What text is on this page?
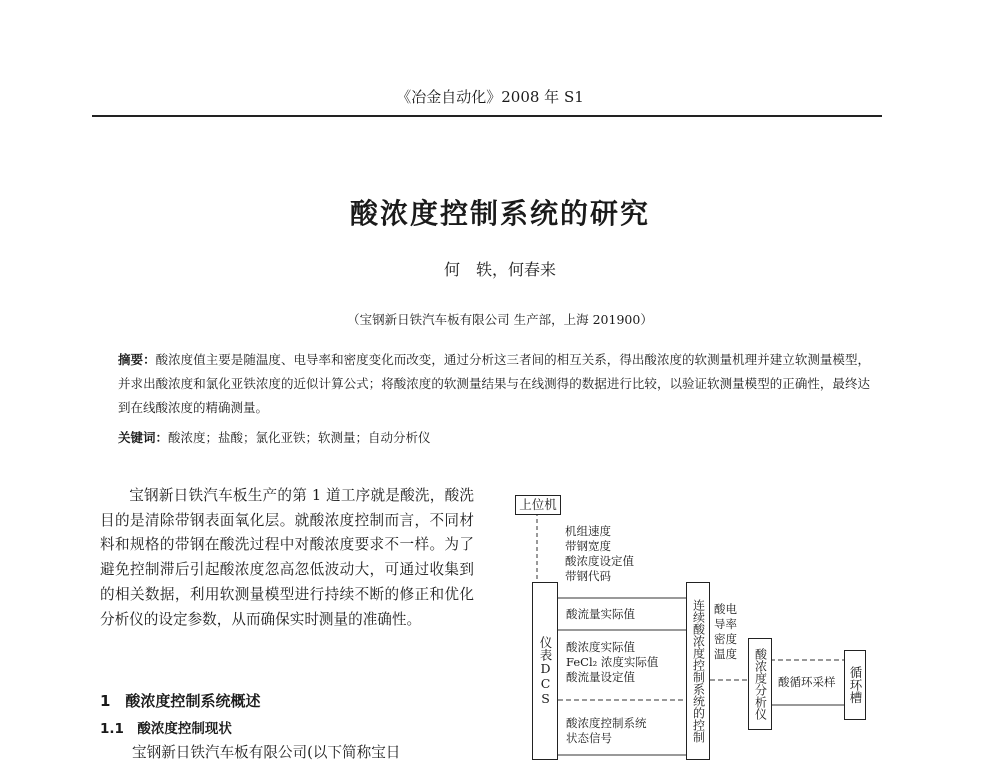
《冶金自动化》2008 年 S1
酸浓度控制系统的研究
何　轶，何春来
（宝钢新日铁汽车板有限公司 生产部，上海 201900）
摘要：酸浓度值主要是随温度、电导率和密度变化而改变，通过分析这三者间的相互关系，得出酸浓度的软测量机理并建立软测量模型，并求出酸浓度和氯化亚铁浓度的近似计算公式；将酸浓度的软测量结果与在线测得的数据进行比较，以验证软测量模型的正确性，最终达到在线酸浓度的精确测量。
关键词：酸浓度；盐酸；氯化亚铁；软测量；自动分析仪
宝钢新日铁汽车板生产的第 1 道工序就是酸洗，酸洗目的是清除带钢表面氧化层。就酸浓度控制而言，不同材料和规格的带钢在酸洗过程中对酸浓度要求不一样。为了避免控制滞后引起酸浓度忽高忽低波动大，可通过收集到的相关数据，利用软测量模型进行持续不断的修正和优化分析仪的设定参数，从而确保实时测量的准确性。
1　酸浓度控制系统概述
1.1　酸浓度控制现状
宝钢新日铁汽车板有限公司(以下简称宝日
上位机
机组速度
带钢宽度
酸浓度设定值
带钢代码
仪表DCS
酸流量实际值
酸浓度实际值
FeCl₂ 浓度实际值
酸流量设定值
酸浓度控制系统
状态信号	连续酸浓度控制系统的控制 酸电
导率
密度
温度	酸浓度分析仪 酸循环采样	循环槽
